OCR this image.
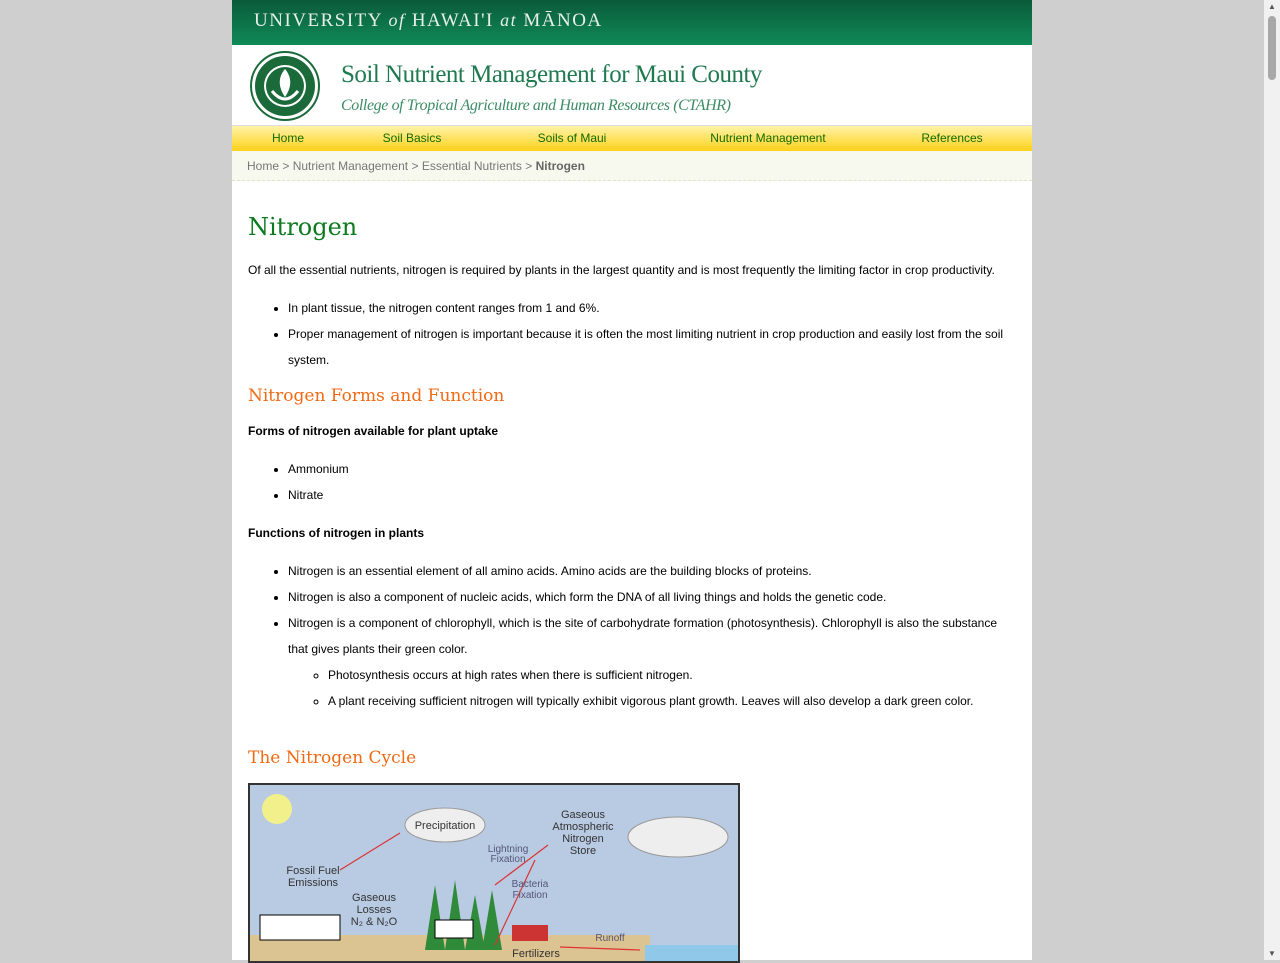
UNIVERSITY of HAWAI'I at MĀNOA
Soil Nutrient Management for Maui County
College of Tropical Agriculture and Human Resources (CTAHR)
Home	Soil Basics	Soils of Maui	Nutrient Management	References
Home > Nutrient Management > Essential Nutrients > Nitrogen
Nitrogen

Of all the essential nutrients, nitrogen is required by plants in the largest quantity and is most frequently the limiting factor in crop productivity.

• In plant tissue, the nitrogen content ranges from 1 and 6%.
• Proper management of nitrogen is important because it is often the most limiting nutrient in crop production and easily lost from the soil system.
Nitrogen Forms and Function

Forms of nitrogen available for plant uptake

• Ammonium
• Nitrate

Functions of nitrogen in plants

• Nitrogen is an essential element of all amino acids. Amino acids are the building blocks of proteins.
• Nitrogen is also a component of nucleic acids, which form the DNA of all living things and holds the genetic code.
• Nitrogen is a component of chlorophyll, which is the site of carbohydrate formation (photosynthesis). Chlorophyll is also the substance that gives plants their green color.
◦ Photosynthesis occurs at high rates when there is sufficient nitrogen.
◦ A plant receiving sufficient nitrogen will typically exhibit vigorous plant growth. Leaves will also develop a dark green color.
The Nitrogen Cycle
Precipitation
Gaseous
Atmospheric
Nitrogen
Store
Lightning
Fixation
Fossil Fuel
Emissions	Bacteria
Fixation
Gaseous
Losses
N₂ & N₂O
Runoff
Fertilizers
▲
▼
